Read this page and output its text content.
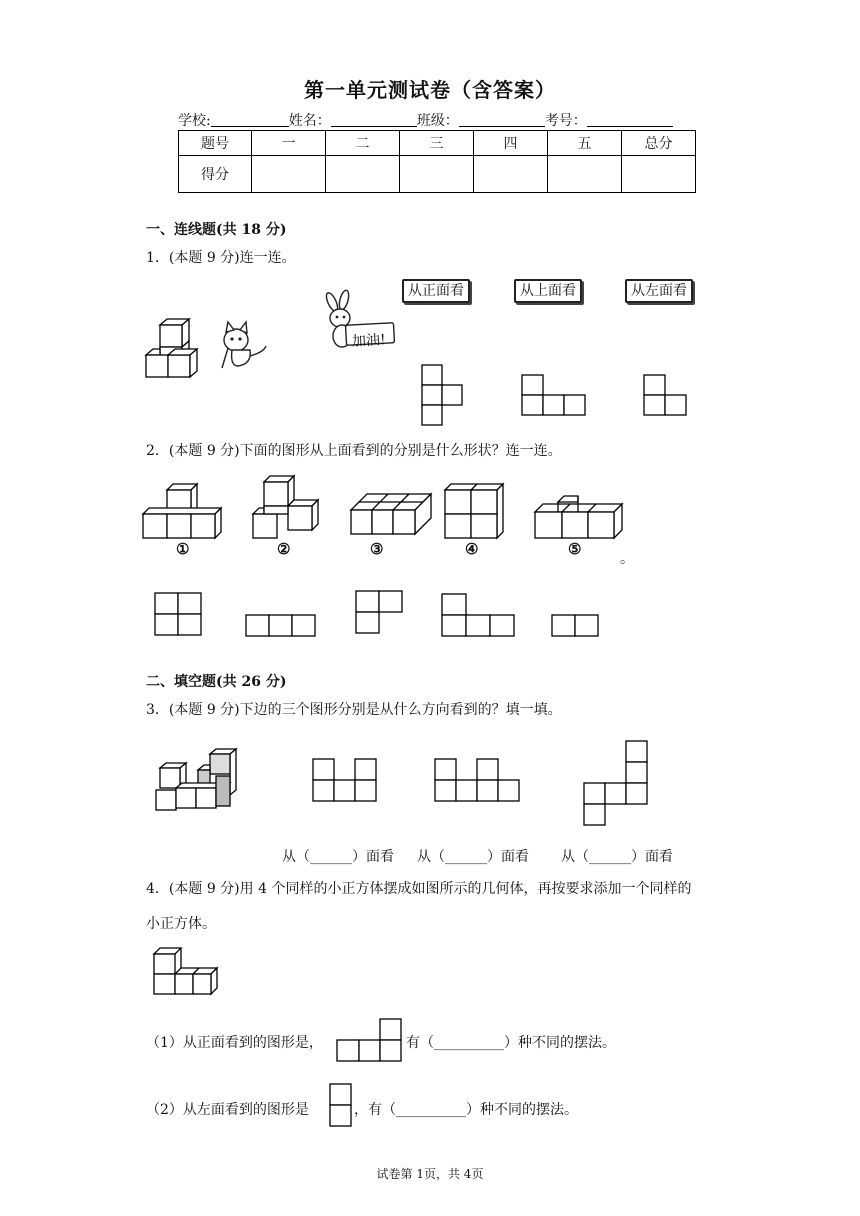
第一单元测试卷（含答案）
学校:	姓名：	班级：	考号：
题号	一	二	三	四	五	总分
得分						
一、连线题(共 18 分)
1．(本题 9 分)连一连。
加油!
从正面看	从上面看	从左面看
2．(本题 9 分)下面的图形从上面看到的分别是什么形状？连一连。
①	②	③	④	⑤
。
二、填空题(共 26 分)
3．(本题 9 分)下边的三个图形分别是从什么方向看到的？填一填。
从（______）面看 从（______）面看 从（______）面看
4．(本题 9 分)用 4 个同样的小正方体摆成如图所示的几何体，再按要求添加一个同样的
小正方体。
（1）从正面看到的图形是，	有（__________）种不同的摆法。
（2）从左面看到的图形是	，有（__________）种不同的摆法。
试卷第 1页，共 4页
